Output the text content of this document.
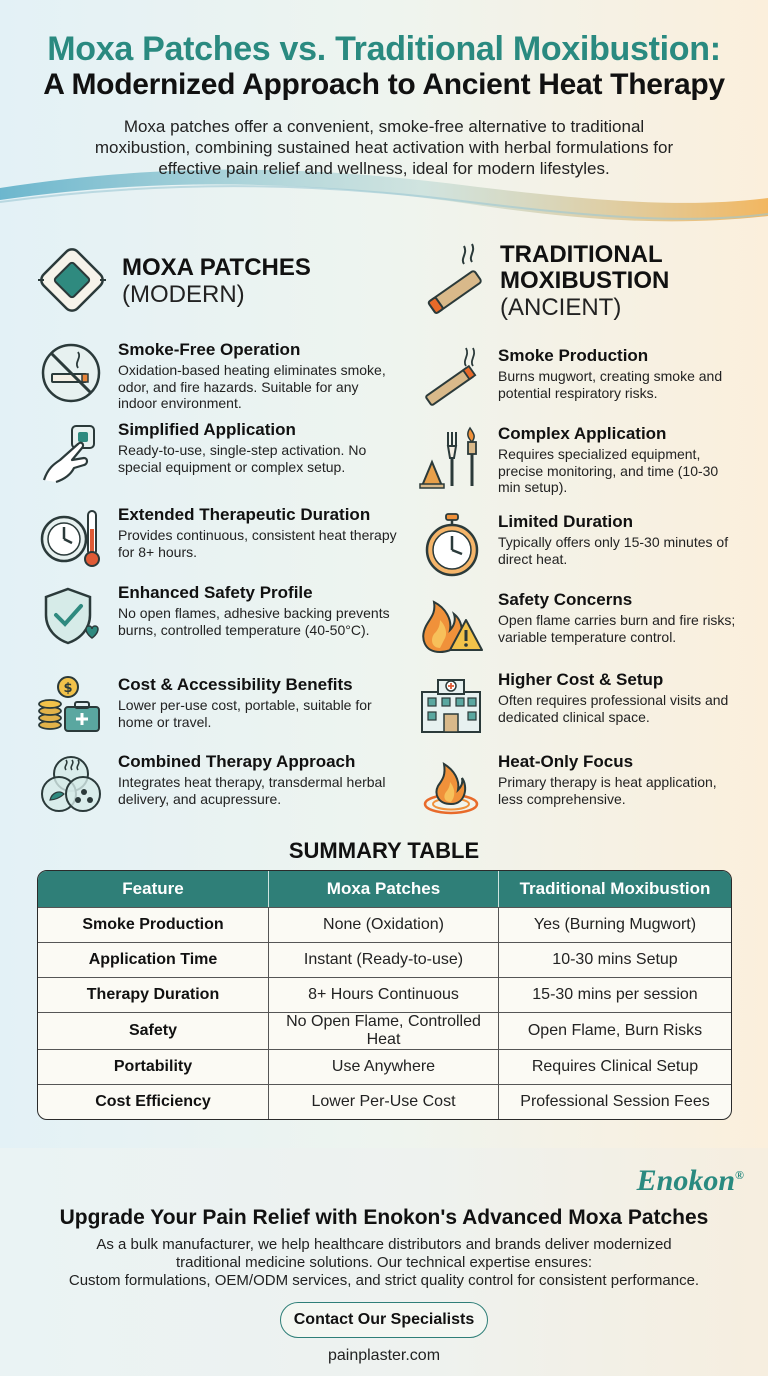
Moxa Patches vs. Traditional Moxibustion:
A Modernized Approach to Ancient Heat Therapy
Moxa patches offer a convenient, smoke-free alternative to traditional moxibustion, combining sustained heat activation with herbal formulations for effective pain relief and wellness, ideal for modern lifestyles.
MOXA PATCHES
(MODERN)
TRADITIONAL
MOXIBUSTION
(ANCIENT)
Smoke-Free Operation

Oxidation-based heating eliminates smoke, odor, and fire hazards. Suitable for any indoor environment.

Simplified Application

Ready-to-use, single-step activation. No special equipment or complex setup.

Extended Therapeutic Duration

Provides continuous, consistent heat therapy for 8+ hours.

Enhanced Safety Profile

No open flames, adhesive backing prevents burns, controlled temperature (40-50°C).

$	Cost & Accessibility Benefits

Lower per-use cost, portable, suitable for home or travel.

Combined Therapy Approach

Integrates heat therapy, transdermal herbal delivery, and acupressure.

Smoke Production

Burns mugwort, creating smoke and potential respiratory risks.

Complex Application

Requires specialized equipment, precise monitoring, and time (10-30 min setup).

Limited Duration

Typically offers only 15-30 minutes of direct heat.

Safety Concerns

Open flame carries burn and fire risks; variable temperature control.

Higher Cost & Setup

Often requires professional visits and dedicated clinical space.

Heat-Only Focus

Primary therapy is heat application, less comprehensive.

SUMMARY TABLE
Feature	Moxa Patches	Traditional Moxibustion
Smoke Production	None (Oxidation)	Yes (Burning Mugwort)
Application Time	Instant (Ready-to-use)	10-30 mins Setup
Therapy Duration	8+ Hours Continuous	15-30 mins per session
Safety	No Open Flame, Controlled Heat	Open Flame, Burn Risks
Portability	Use Anywhere	Requires Clinical Setup
Cost Efficiency	Lower Per-Use Cost	Professional Session Fees
Enokon®
Upgrade Your Pain Relief with Enokon's Advanced Moxa Patches
As a bulk manufacturer, we help healthcare distributors and brands deliver modernized
traditional medicine solutions. Our technical expertise ensures:
Custom formulations, OEM/ODM services, and strict quality control for consistent performance.
Contact Our Specialists
painplaster.com
